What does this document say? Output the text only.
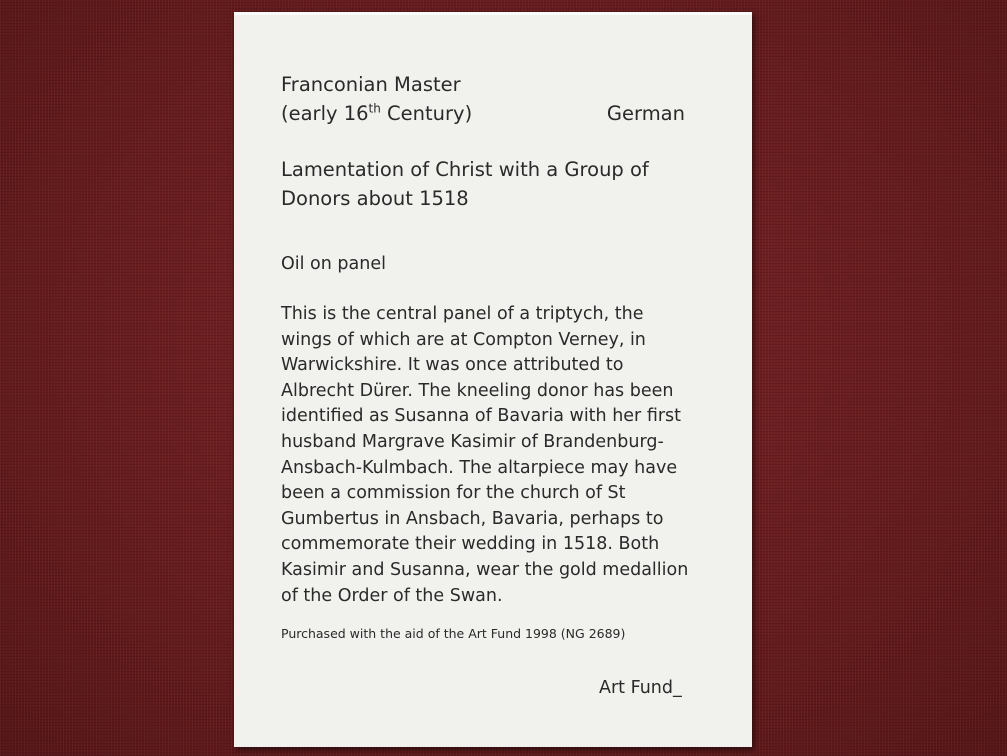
Franconian Master
(early 16th Century)	German
Lamentation of Christ with a Group of
Donors about 1518
Oil on panel
This is the central panel of a triptych, the
wings of which are at Compton Verney, in
Warwickshire. It was once attributed to
Albrecht Dürer. The kneeling donor has been
identified as Susanna of Bavaria with her first
husband Margrave Kasimir of Brandenburg-
Ansbach-Kulmbach. The altarpiece may have
been a commission for the church of St
Gumbertus in Ansbach, Bavaria, perhaps to
commemorate their wedding in 1518. Both
Kasimir and Susanna, wear the gold medallion
of the Order of the Swan.
Purchased with the aid of the Art Fund 1998 (NG 2689)
Art Fund_
